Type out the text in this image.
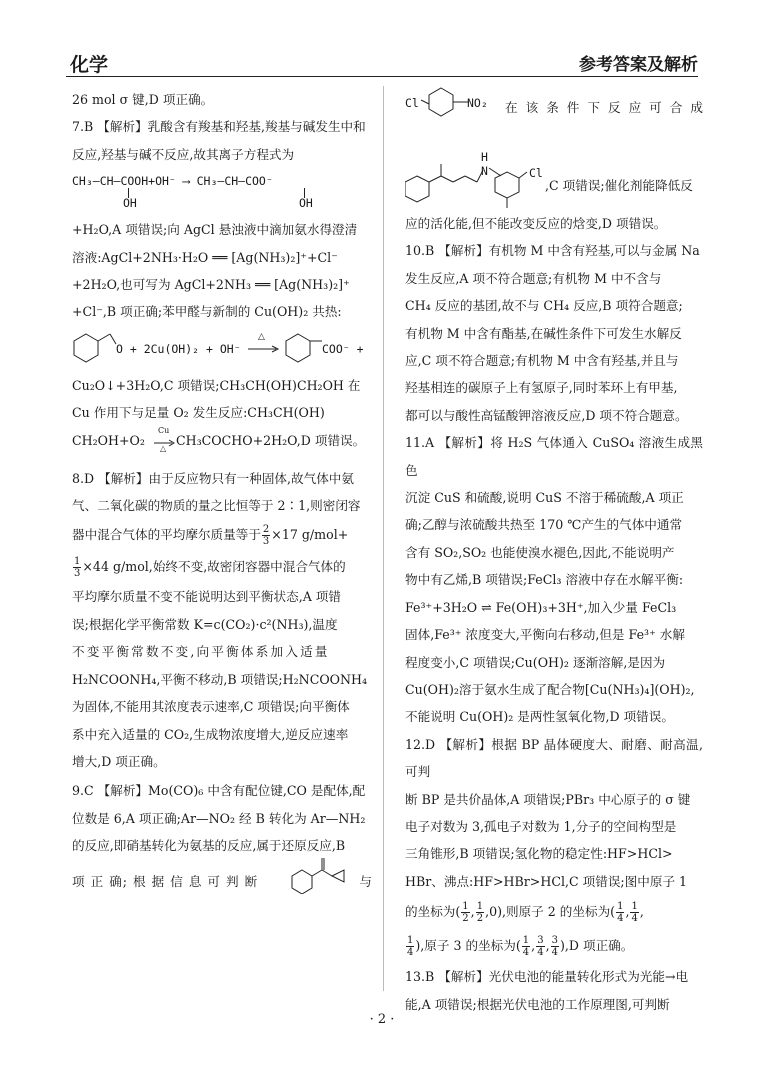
化学	参考答案及解析
26 mol σ 键,D 项正确。
7.B 【解析】乳酸含有羧基和羟基,羧基与碱发生中和
反应,羟基与碱不反应,故其离子方程式为
CH₃—CH—COOH+OH⁻ ⟶ CH₃—CH—COO⁻
OH	OH
+H₂O,A 项错误;向 AgCl 悬浊液中滴加氨水得澄清
溶液:AgCl+2NH₃·H₂O ══ [Ag(NH₃)₂]⁺+Cl⁻
+2H₂O,也可写为 AgCl+2NH₃ ══ [Ag(NH₃)₂]⁺
+Cl⁻,B 项正确;苯甲醛与新制的 Cu(OH)₂ 共热:
O + 2Cu(OH)₂ + OH⁻
△
COO⁻ +
Cu₂O↓+3H₂O,C 项错误;CH₃CH(OH)CH₂OH 在
Cu 作用下与足量 O₂ 发生反应:CH₃CH(OH)
CH₂OH+O₂
Cu
△
CH₃COCHO+2H₂O,D 项错误。
8.D 【解析】由于反应物只有一种固体,故气体中氨
气、二氧化碳的物质的量之比恒等于 2∶1,则密闭容
器中混合气体的平均摩尔质量等于 $\frac{2}{3} \times 17$ g/mol+
$\frac{1}{3} \times 44$ g/mol,始终不变,故密闭容器中混合气体的
平均摩尔质量不变不能说明达到平衡状态,A 项错
误;根据化学平衡常数 K=c(CO₂)·c²(NH₃),温度
不变平衡常数不变,向平衡体系加入适量
H₂NCOONH₄,平衡不移动,B 项错误;H₂NCOONH₄
为固体,不能用其浓度表示速率,C 项错误;向平衡体
系中充入适量的 CO₂,生成物浓度增大,逆反应速率
增大,D 项正确。
9.C 【解析】Mo(CO)₆ 中含有配位键,CO 是配体,配
位数是 6,A 项正确;Ar—NO₂ 经 B 转化为 Ar—NH₂
的反应,即硝基转化为氨基的反应,属于还原反应,B
项 正 确; 根 据 信 息 可 判 断	与
Cl	NO₂ 在 该 条 件 下 反 应 可 合 成
H
N	Cl
,C 项错误;催化剂能降低反
应的活化能,但不能改变反应的焓变,D 项错误。
10.B 【解析】有机物 M 中含有羟基,可以与金属 Na
发生反应,A 项不符合题意;有机物 M 中不含与
CH₄ 反应的基团,故不与 CH₄ 反应,B 项符合题意;
有机物 M 中含有酯基,在碱性条件下可发生水解反
应,C 项不符合题意;有机物 M 中含有羟基,并且与
羟基相连的碳原子上有氢原子,同时苯环上有甲基,
都可以与酸性高锰酸钾溶液反应,D 项不符合题意。
11.A 【解析】将 H₂S 气体通入 CuSO₄ 溶液生成黑色
沉淀 CuS 和硫酸,说明 CuS 不溶于稀硫酸,A 项正
确;乙醇与浓硫酸共热至 170 ℃产生的气体中通常
含有 SO₂,SO₂ 也能使溴水褪色,因此,不能说明产
物中有乙烯,B 项错误;FeCl₃ 溶液中存在水解平衡:
Fe³⁺+3H₂O ⇌ Fe(OH)₃+3H⁺,加入少量 FeCl₃
固体,Fe³⁺ 浓度变大,平衡向右移动,但是 Fe³⁺ 水解
程度变小,C 项错误;Cu(OH)₂ 逐渐溶解,是因为
Cu(OH)₂溶于氨水生成了配合物[Cu(NH₃)₄](OH)₂,
不能说明 Cu(OH)₂ 是两性氢氧化物,D 项错误。
12.D 【解析】根据 BP 晶体硬度大、耐磨、耐高温,可判
断 BP 是共价晶体,A 项错误;PBr₃ 中心原子的 σ 键
电子对数为 3,孤电子对数为 1,分子的空间构型是
三角锥形,B 项错误;氢化物的稳定性:HF>HCl>
HBr、沸点:HF>HBr>HCl,C 项错误;图中原子 1
的坐标为( $\frac{1}{2}$ , $\frac{1}{2} ,0$),则原子 2 的坐标为( $\frac{1}{4}$ , $\frac{1}{4}$ ,
$\frac{1}{4}$ ),原子 3 的坐标为( $\frac{1}{4}$ , $\frac{3}{4}$ , $\frac{3}{4} ),D$ 项正确。
13.B 【解析】光伏电池的能量转化形式为光能→电
能,A 项错误;根据光伏电池的工作原理图,可判断
· 2 ·
